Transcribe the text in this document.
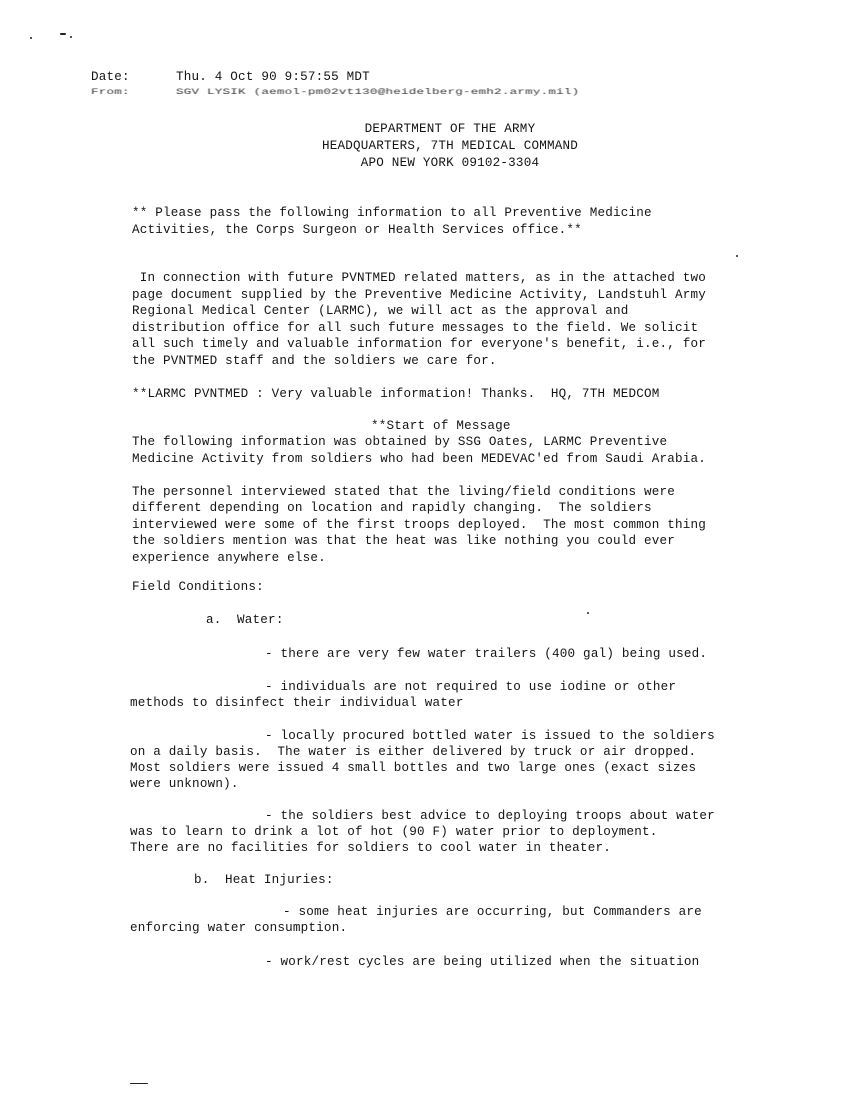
Date:	Thu. 4 Oct 90 9:57:55 MDT
From:	SGV LYSIK (aemol-pm02vt130@heidelberg-emh2.army.mil)
DEPARTMENT OF THE ARMY
HEADQUARTERS, 7TH MEDICAL COMMAND
APO NEW YORK 09102-3304
** Please pass the following information to all Preventive Medicine
Activities, the Corps Surgeon or Health Services office.**
In connection with future PVNTMED related matters, as in the attached two
page document supplied by the Preventive Medicine Activity, Landstuhl Army
Regional Medical Center (LARMC), we will act as the approval and
distribution office for all such future messages to the field. We solicit
all such timely and valuable information for everyone's benefit, i.e., for
the PVNTMED staff and the soldiers we care for.
**LARMC PVNTMED : Very valuable information! Thanks.  HQ, 7TH MEDCOM
**Start of Message
The following information was obtained by SSG Oates, LARMC Preventive
Medicine Activity from soldiers who had been MEDEVAC'ed from Saudi Arabia.
The personnel interviewed stated that the living/field conditions were
different depending on location and rapidly changing.  The soldiers
interviewed were some of the first troops deployed.  The most common thing
the soldiers mention was that the heat was like nothing you could ever
experience anywhere else.
Field Conditions:
a.  Water:
- there are very few water trailers (400 gal) being used.
- individuals are not required to use iodine or other
methods to disinfect their individual water
- locally procured bottled water is issued to the soldiers
on a daily basis.  The water is either delivered by truck or air dropped.
Most soldiers were issued 4 small bottles and two large ones (exact sizes
were unknown).
- the soldiers best advice to deploying troops about water
was to learn to drink a lot of hot (90 F) water prior to deployment.
There are no facilities for soldiers to cool water in theater.
b.  Heat Injuries:
- some heat injuries are occurring, but Commanders are
enforcing water consumption.
- work/rest cycles are being utilized when the situation
